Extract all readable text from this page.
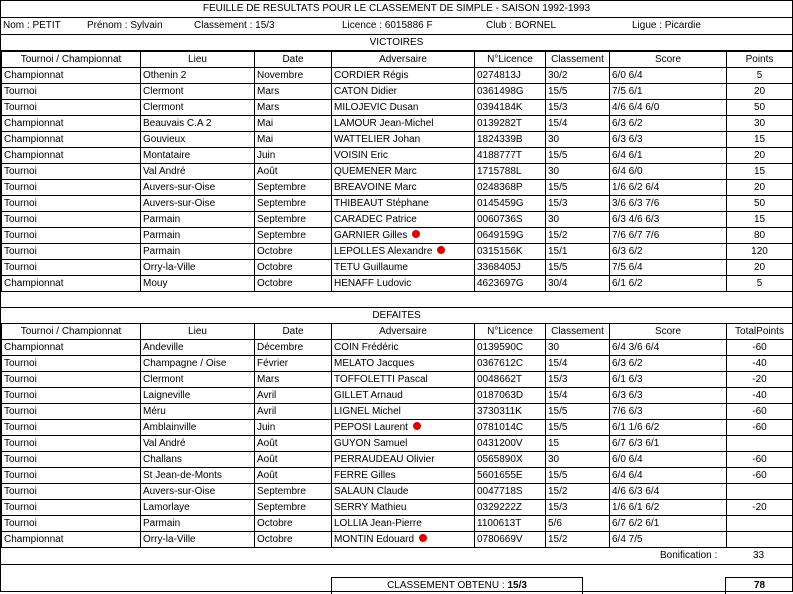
FEUILLE DE RESULTATS POUR LE CLASSEMENT DE SIMPLE - SAISON 1992-1993
Nom : PETIT	Prénom : Sylvain	Classement : 15/3	Licence : 6015886 F	Club : BORNEL	Ligue : Picardie
VICTOIRES
Tournoi / Championnat	Lieu	Date	Adversaire	N°Licence	Classement	Score	Points
Championnat	Othenin 2	Novembre	CORDIER Régis	0274813J	30/2	6/0 6/4	5
Tournoi	Clermont	Mars	CATON Didier	0361498G	15/5	7/5 6/1	20
Tournoi	Clermont	Mars	MILOJEVIC Dusan	0394184K	15/3	4/6 6/4 6/0	50
Championnat	Beauvais C.A 2	Mai	LAMOUR Jean-Michel	0139282T	15/4	6/3 6/2	30
Championnat	Gouvieux	Mai	WATTELIER Johan	1824339B	30	6/3 6/3	15
Championnat	Montataire	Juin	VOISIN Eric	4188777T	15/5	6/4 6/1	20
Tournoi	Val André	Août	QUEMENER Marc	1715788L	30	6/4 6/0	15
Tournoi	Auvers-sur-Oise	Septembre	BREAVOINE Marc	0248368P	15/5	1/6 6/2 6/4	20
Tournoi	Auvers-sur-Oise	Septembre	THIBEAUT Stéphane	0145459G	15/3	3/6 6/3 7/6	50
Tournoi	Parmain	Septembre	CARADEC Patrice	0060736S	30	6/3 4/6 6/3	15
Tournoi	Parmain	Septembre	GARNIER Gilles	0649159G	15/2	7/6 6/7 7/6	80
Tournoi	Parmain	Octobre	LEPOLLES Alexandre	0315156K	15/1	6/3 6/2	120
Tournoi	Orry-la-Ville	Octobre	TETU Guillaume	3368405J	15/5	7/5 6/4	20
Championnat	Mouy	Octobre	HENAFF Ludovic	4623697G	30/4	6/1 6/2	5
DEFAITES
Tournoi / Championnat	Lieu	Date	Adversaire	N°Licence	Classement	Score	TotalPoints
Championnat	Andeville	Décembre	COIN Frédéric	0139590C	30	6/4 3/6 6/4	-60
Tournoi	Champagne / Oise	Février	MELATO Jacques	0367612C	15/4	6/3 6/2	-40
Tournoi	Clermont	Mars	TOFFOLETTI Pascal	0048662T	15/3	6/1 6/3	-20
Tournoi	Laigneville	Avril	GILLET Arnaud	0187063D	15/4	6/3 6/3	-40
Tournoi	Méru	Avril	LIGNEL Michel	3730311K	15/5	7/6 6/3	-60
Tournoi	Amblainville	Juin	PEPOSI Laurent	0781014C	15/5	6/1 1/6 6/2	-60
Tournoi	Val André	Août	GUYON Samuel	0431200V	15	6/7 6/3 6/1	
Tournoi	Challans	Août	PERRAUDEAU Olivier	0565890X	30	6/0 6/4	-60
Tournoi	St Jean-de-Monts	Août	FERRE Gilles	5601655E	15/5	6/4 6/4	-60
Tournoi	Auvers-sur-Oise	Septembre	SALAUN Claude	0047718S	15/2	4/6 6/3 6/4	
Tournoi	Lamorlaye	Septembre	SERRY Mathieu	0329222Z	15/3	1/6 6/1 6/2	-20
Tournoi	Parmain	Octobre	LOLLIA Jean-Pierre	1100613T	5/6	6/7 6/2 6/1	
Championnat	Orry-la-Ville	Octobre	MONTIN Edouard	0780669V	15/2	6/4 7/5	
Bonification :	33
CLASSEMENT OBTENU : 15/3	78
